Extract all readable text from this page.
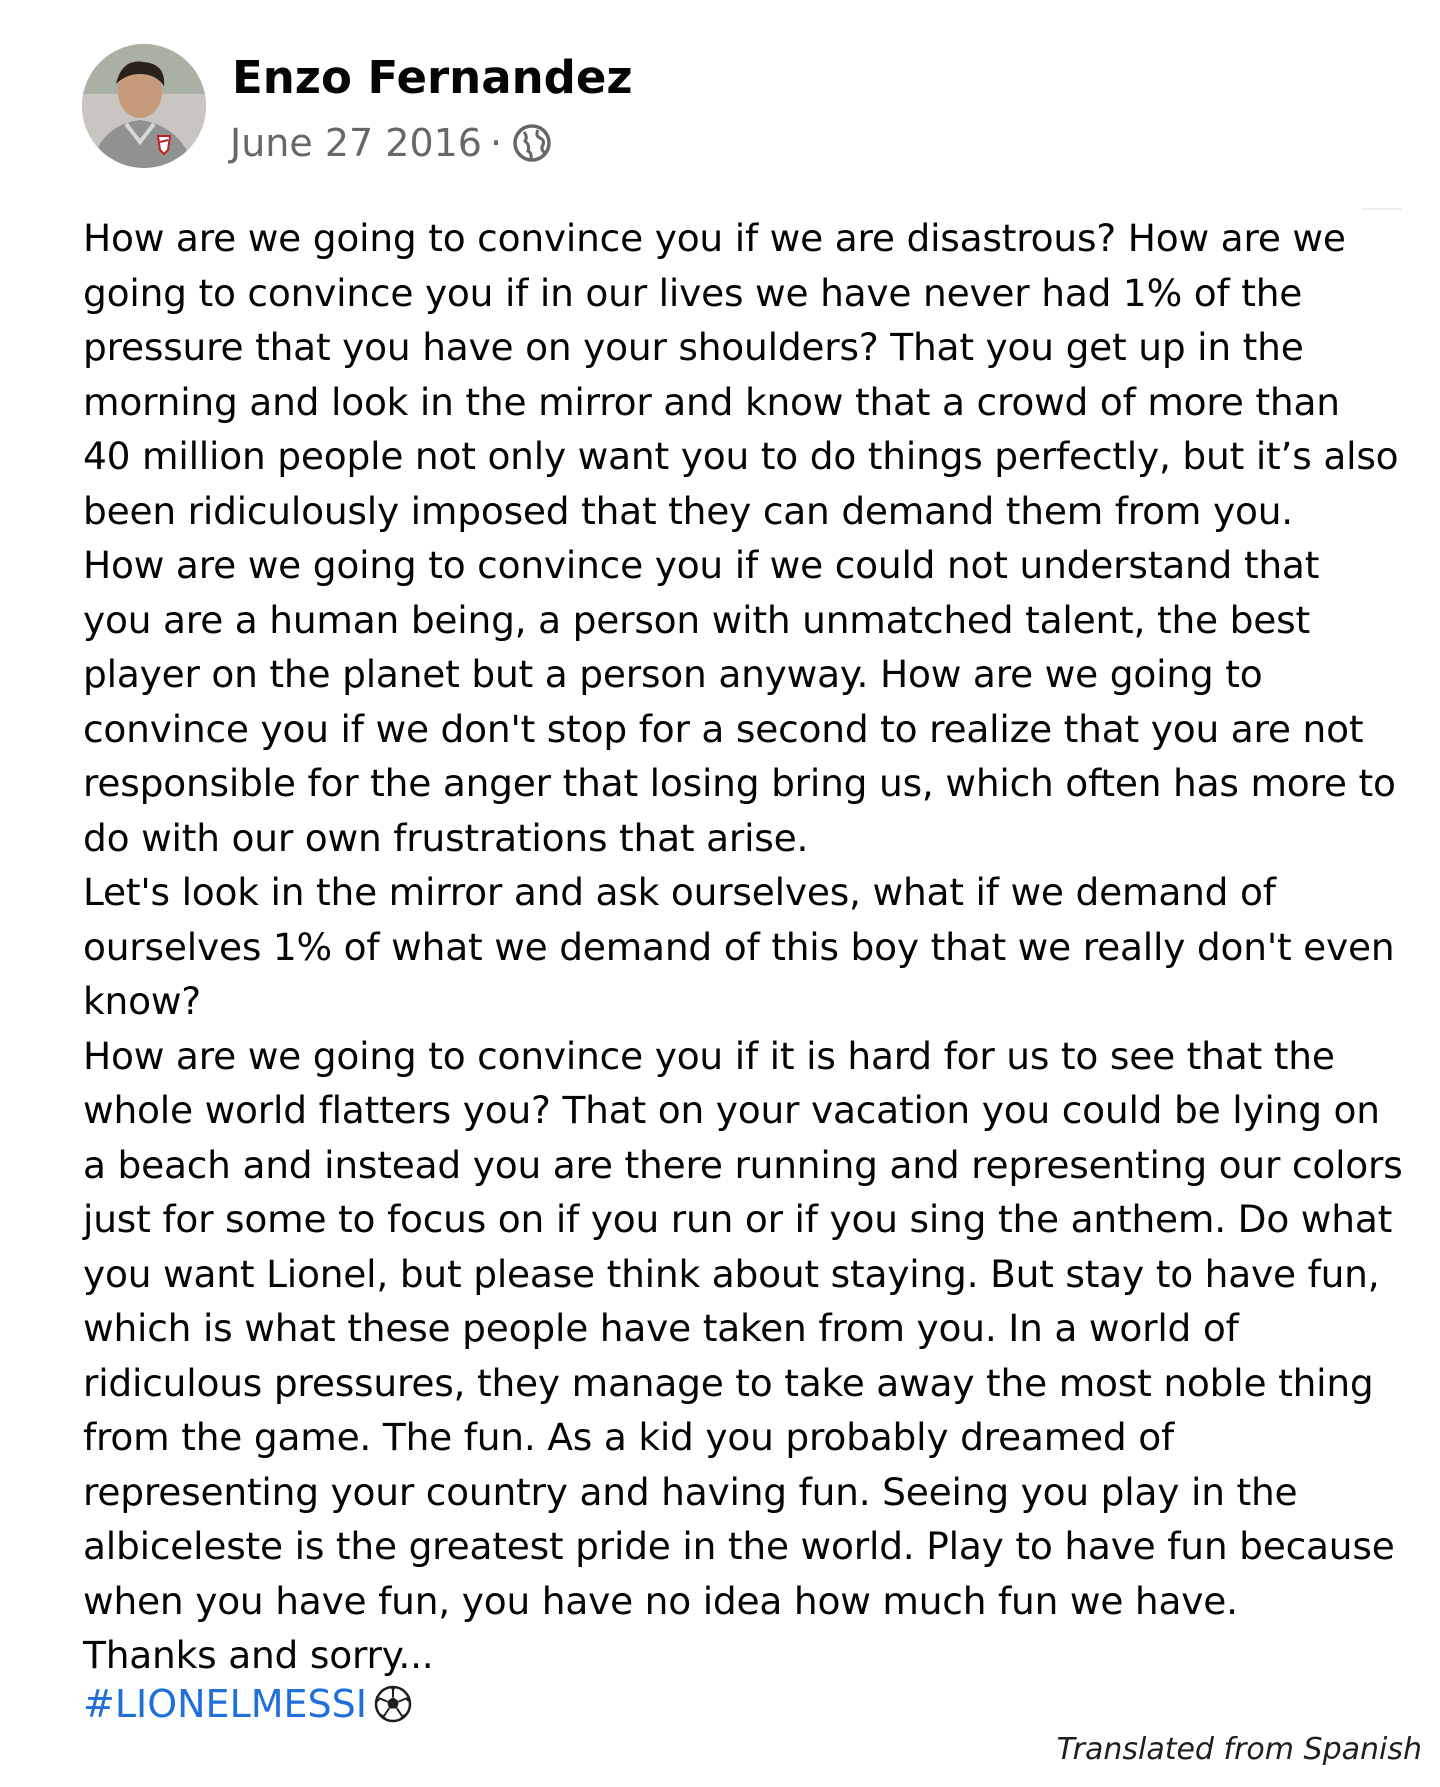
Enzo Fernandez
June 27 2016 ·

How are we going to convince you if we are disastrous? How are we

going to convince you if in our lives we have never had 1% of the

pressure that you have on your shoulders? That you get up in the

morning and look in the mirror and know that a crowd of more than

40 million people not only want you to do things perfectly, but it’s also

been ridiculously imposed that they can demand them from you.

How are we going to convince you if we could not understand that

you are a human being, a person with unmatched talent, the best

player on the planet but a person anyway. How are we going to

convince you if we don't stop for a second to realize that you are not

responsible for the anger that losing bring us, which often has more to

do with our own frustrations that arise.

Let's look in the mirror and ask ourselves, what if we demand of

ourselves 1% of what we demand of this boy that we really don't even

know?

How are we going to convince you if it is hard for us to see that the

whole world flatters you? That on your vacation you could be lying on

a beach and instead you are there running and representing our colors

just for some to focus on if you run or if you sing the anthem. Do what

you want Lionel, but please think about staying. But stay to have fun,

which is what these people have taken from you. In a world of

ridiculous pressures, they manage to take away the most noble thing

from the game. The fun. As a kid you probably dreamed of

representing your country and having fun. Seeing you play in the

albiceleste is the greatest pride in the world. Play to have fun because

when you have fun, you have no idea how much fun we have.

Thanks and sorry...

#LIONELMESSI
Translated from Spanish
